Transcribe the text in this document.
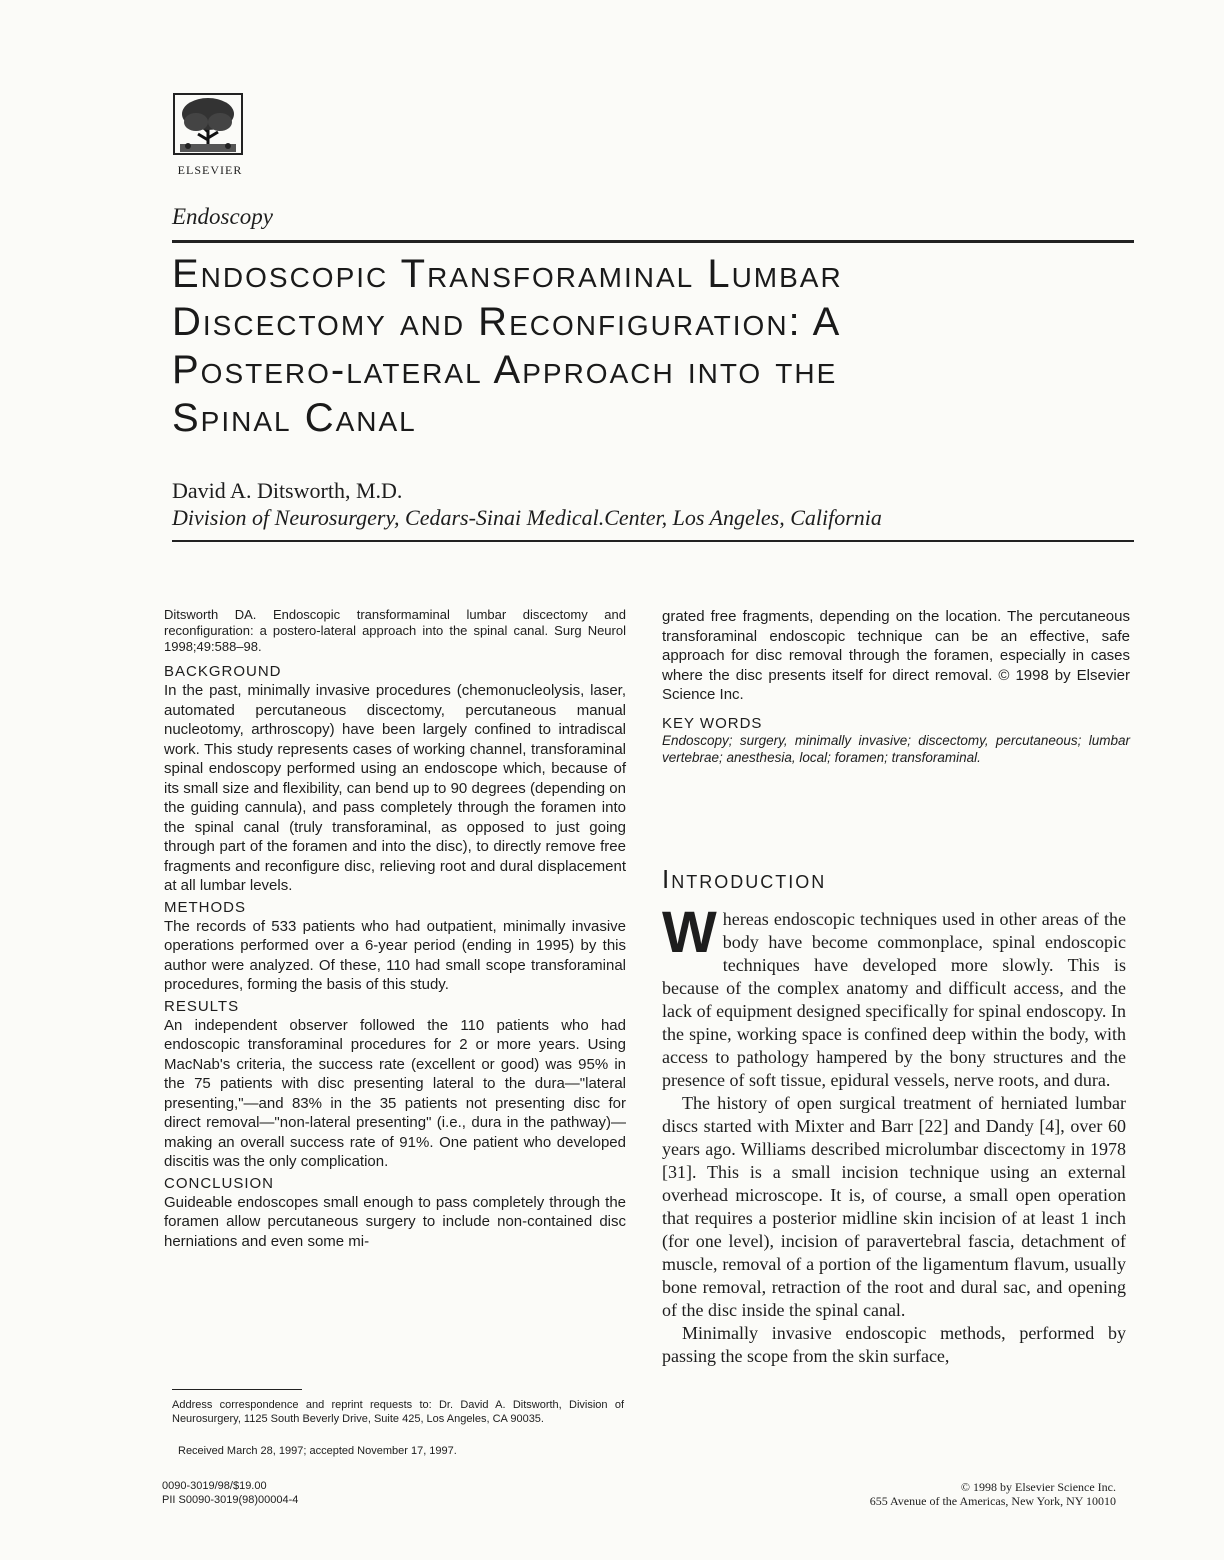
ELSEVIER
Endoscopy
Endoscopic Transforaminal Lumbar Discectomy and Reconfiguration: A Postero-lateral Approach into the Spinal Canal
David A. Ditsworth, M.D.
Division of Neurosurgery, Cedars-Sinai Medical.Center, Los Angeles, California

Ditsworth DA. Endoscopic transformaminal lumbar discectomy and reconfiguration: a postero-lateral approach into the spinal canal. Surg Neurol 1998;49:588–98.

BACKGROUND

In the past, minimally invasive procedures (chemonucleolysis, laser, automated percutaneous discectomy, percutaneous manual nucleotomy, arthroscopy) have been largely confined to intradiscal work. This study represents cases of working channel, transforaminal spinal endoscopy performed using an endoscope which, because of its small size and flexibility, can bend up to 90 degrees (depending on the guiding cannula), and pass completely through the foramen into the spinal canal (truly transforaminal, as opposed to just going through part of the foramen and into the disc), to directly remove free fragments and reconfigure disc, relieving root and dural displacement at all lumbar levels.

METHODS

The records of 533 patients who had outpatient, minimally invasive operations performed over a 6-year period (ending in 1995) by this author were analyzed. Of these, 110 had small scope transforaminal procedures, forming the basis of this study.

RESULTS

An independent observer followed the 110 patients who had endoscopic transforaminal procedures for 2 or more years. Using MacNab's criteria, the success rate (excellent or good) was 95% in the 75 patients with disc presenting lateral to the dura—"lateral presenting,"—and 83% in the 35 patients not presenting disc for direct removal—"non-lateral presenting" (i.e., dura in the pathway)—making an overall success rate of 91%. One patient who developed discitis was the only complication.

CONCLUSION

Guideable endoscopes small enough to pass completely through the foramen allow percutaneous surgery to include non-contained disc herniations and even some mi-

grated free fragments, depending on the location. The percutaneous transforaminal endoscopic technique can be an effective, safe approach for disc removal through the foramen, especially in cases where the disc presents itself for direct removal. © 1998 by Elsevier Science Inc.

KEY WORDS

Endoscopy; surgery, minimally invasive; discectomy, percutaneous; lumbar vertebrae; anesthesia, local; foramen; transforaminal.

Introduction

Whereas endoscopic techniques used in other areas of the body have become commonplace, spinal endoscopic techniques have developed more slowly. This is because of the complex anatomy and difficult access, and the lack of equipment designed specifically for spinal endoscopy. In the spine, working space is confined deep within the body, with access to pathology hampered by the bony structures and the presence of soft tissue, epidural vessels, nerve roots, and dura.

The history of open surgical treatment of herniated lumbar discs started with Mixter and Barr [22] and Dandy [4], over 60 years ago. Williams described microlumbar discectomy in 1978 [31]. This is a small incision technique using an external overhead microscope. It is, of course, a small open operation that requires a posterior midline skin incision of at least 1 inch (for one level), incision of paravertebral fascia, detachment of muscle, removal of a portion of the ligamentum flavum, usually bone removal, retraction of the root and dural sac, and opening of the disc inside the spinal canal.

Minimally invasive endoscopic methods, performed by passing the scope from the skin surface,

Address correspondence and reprint requests to: Dr. David A. Ditsworth, Division of Neurosurgery, 1125 South Beverly Drive, Suite 425, Los Angeles, CA 90035.

Received March 28, 1997; accepted November 17, 1997.
0090-3019/98/$19.00
PII S0090-3019(98)00004-4
© 1998 by Elsevier Science Inc.
655 Avenue of the Americas, New York, NY 10010
